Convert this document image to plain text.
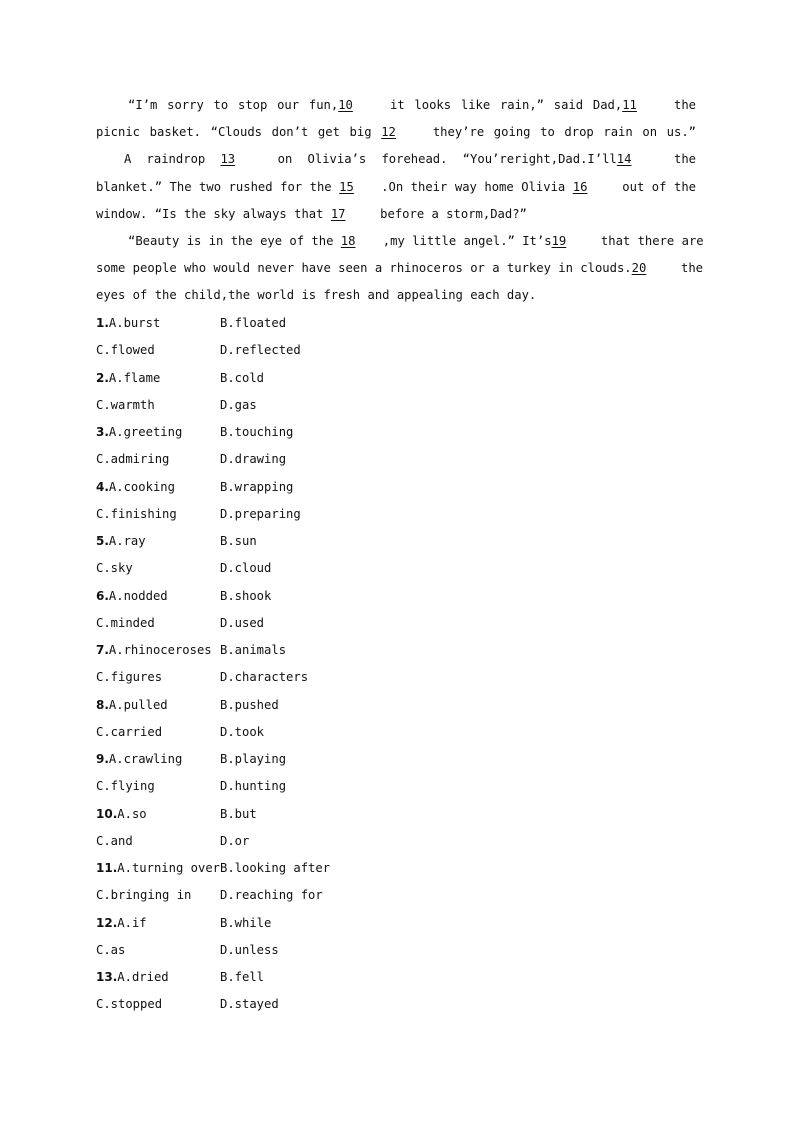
“I’m sorry to stop our fun,10 it looks like rain,” said Dad,11 the
picnic basket. “Clouds don’t get big 12 they’re going to drop rain on us.”
A raindrop 13 on Olivia’s forehead. “You’reright,Dad.I’ll14 the
blanket.” The two rushed for the 15 .On their way home Olivia 16 out of the
window. “Is the sky always that 17 before a storm,Dad?”
“Beauty is in the eye of the 18 ,my little angel.” It’s19 that there are
some people who would never have seen a rhinoceros or a turkey in clouds.20 the
eyes of the child,the world is fresh and appealing each day.
1.A.burst	B.floated
C.flowed	D.reflected
2.A.flame	B.cold
C.warmth	D.gas
3.A.greeting	B.touching
C.admiring	D.drawing
4.A.cooking	B.wrapping
C.finishing	D.preparing
5.A.ray	B.sun
C.sky	D.cloud
6.A.nodded	B.shook
C.minded	D.used
7.A.rhinoceroses B.animals
C.figures	D.characters
8.A.pulled	B.pushed
C.carried	D.took
9.A.crawling	B.playing
C.flying	D.hunting
10.A.so	B.but
C.and	D.or
11.A.turning over B.looking after
C.bringing in	D.reaching for
12.A.if	B.while
C.as	D.unless
13.A.dried	B.fell
C.stopped	D.stayed
